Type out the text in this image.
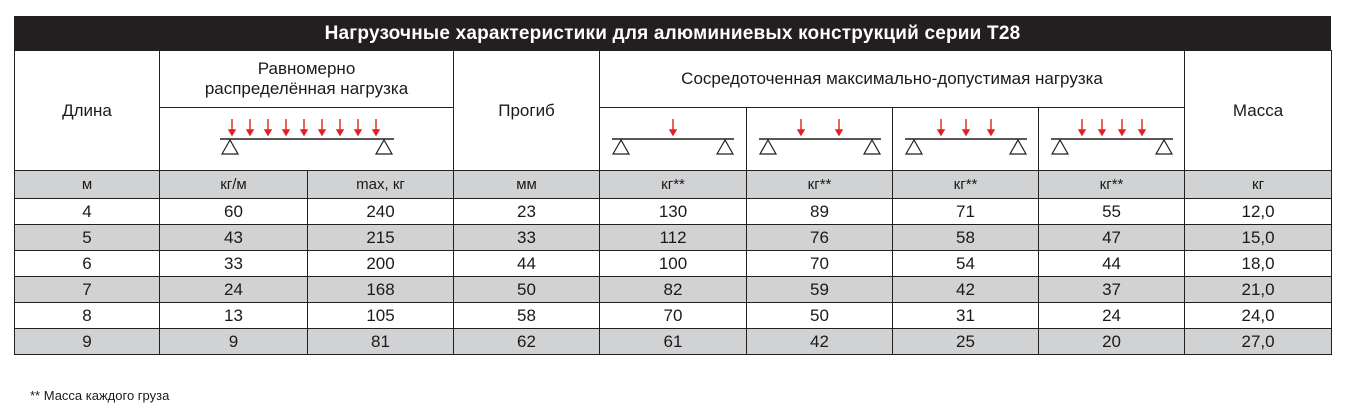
Нагрузочные характеристики для алюминиевых конструкций серии Т28
Длина	Равномерно распределённая нагрузка		Прогиб	Сосредоточенная максимально-допустимая нагрузка				Масса

м	кг/м	max, кг	мм	кг**	кг**	кг**	кг**	кг
4	60	240	23	130	89	71	55	12,0
5	43	215	33	112	76	58	47	15,0
6	33	200	44	100	70	54	44	18,0
7	24	168	50	82	59	42	37	21,0
8	13	105	58	70	50	31	24	24,0
9	9	81	62	61	42	25	20	27,0
** Масса каждого груза
